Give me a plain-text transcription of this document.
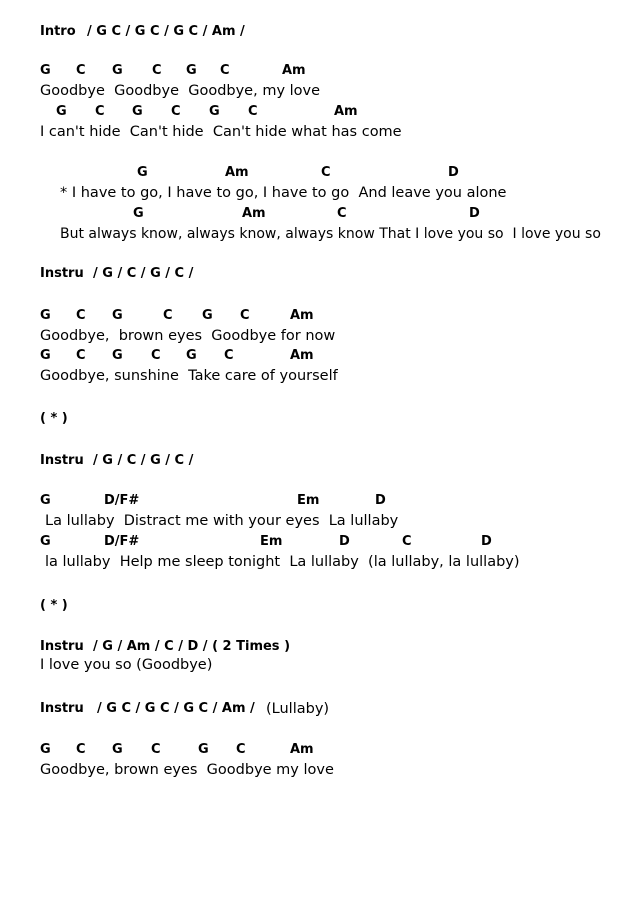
Intro

/ G C / G C / G C / Am /

G

C

G

C

G

C

	Am

Goodbye  Goodbye  Goodbye, my love

G

C

G

C

G

C

	Am

I can't hide  Can't hide  Can't hide what has come

G

	Am

	C

	D

* I have to go, I have to go, I have to go  And leave you alone

G

	Am

	C

	D

But always know, always know, always know That I love you so  I love you so

Instru

/ G / C / G / C /

G

C

G

	C

G

C

	Am

Goodbye,  brown eyes  Goodbye for now

G

C

G

C

G

C

	Am

Goodbye, sunshine  Take care of yourself

( * )

Instru

/ G / C / G / C /

G

	D/F#

	Em

	D

La lullaby  Distract me with your eyes  La lullaby

G

	D/F#

	Em

	D

	C

	D

la lullaby  Help me sleep tonight  La lullaby  (la lullaby, la lullaby)

( * )

Instru

/ G / Am / C / D / ( 2 Times )

I love you so (Goodbye)

Instru

/ G C / G C / G C / Am /

(Lullaby)

G

C

G

C

	G

C

	Am

Goodbye, brown eyes  Goodbye my love
